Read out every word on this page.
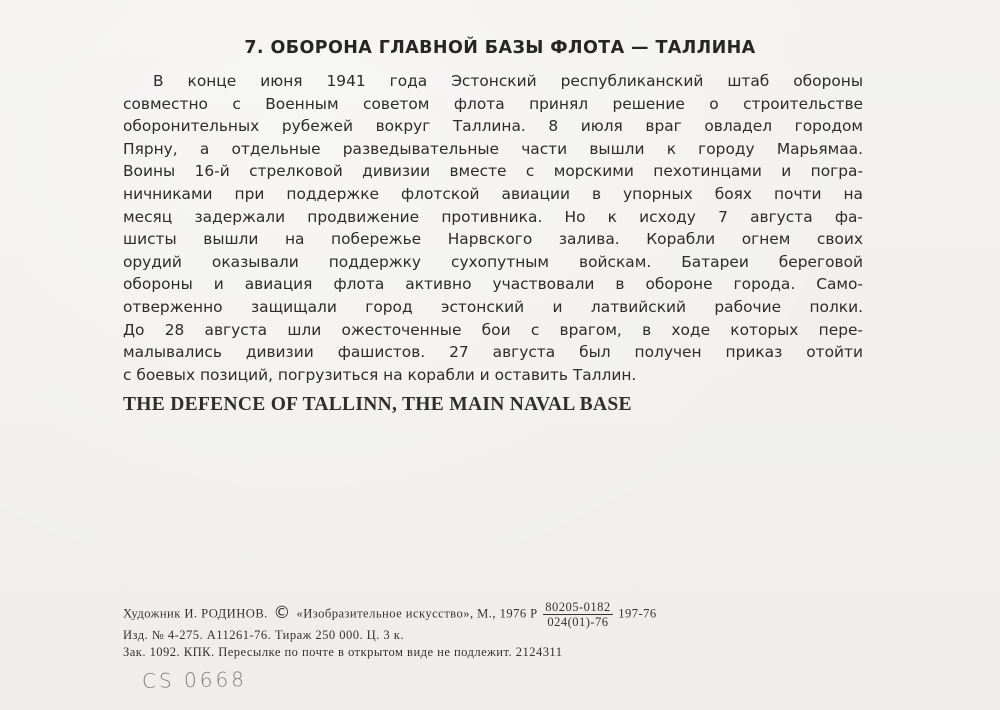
7. ОБОРОНА ГЛАВНОЙ БАЗЫ ФЛОТА — ТАЛЛИНА
В конце июня 1941 года Эстонский республиканский штаб обороны
совместно с Военным советом флота принял решение о строительстве
оборонительных рубежей вокруг Таллина. 8 июля враг овладел городом
Пярну, а отдельные разведывательные части вышли к городу Марьямаа.
Воины 16-й стрелковой дивизии вместе с морскими пехотинцами и погра-
ничниками при поддержке флотской авиации в упорных боях почти на
месяц задержали продвижение противника. Но к исходу 7 августа фа-
шисты вышли на побережье Нарвского залива. Корабли огнем своих
орудий оказывали поддержку сухопутным войскам. Батареи береговой
обороны и авиация флота активно участвовали в обороне города. Само-
отверженно защищали город эстонский и латвийский рабочие полки.
До 28 августа шли ожесточенные бои с врагом, в ходе которых пере-
малывались дивизии фашистов. 27 августа был получен приказ отойти
с боевых позиций, погрузиться на корабли и оставить Таллин.
THE DEFENCE OF TALLINN, THE MAIN NAVAL BASE
Художник И. РОДИНОВ. © «Изобразительное искусство», М., 1976 Р $\frac{80205-0182}{024(01)-76} 197-76$
Изд. № 4-275. А11261-76. Тираж 250 000. Ц. 3 к.
Зак. 1092. КПК. Пересылке по почте в открытом виде не подлежит. 2124311
CS 0668
